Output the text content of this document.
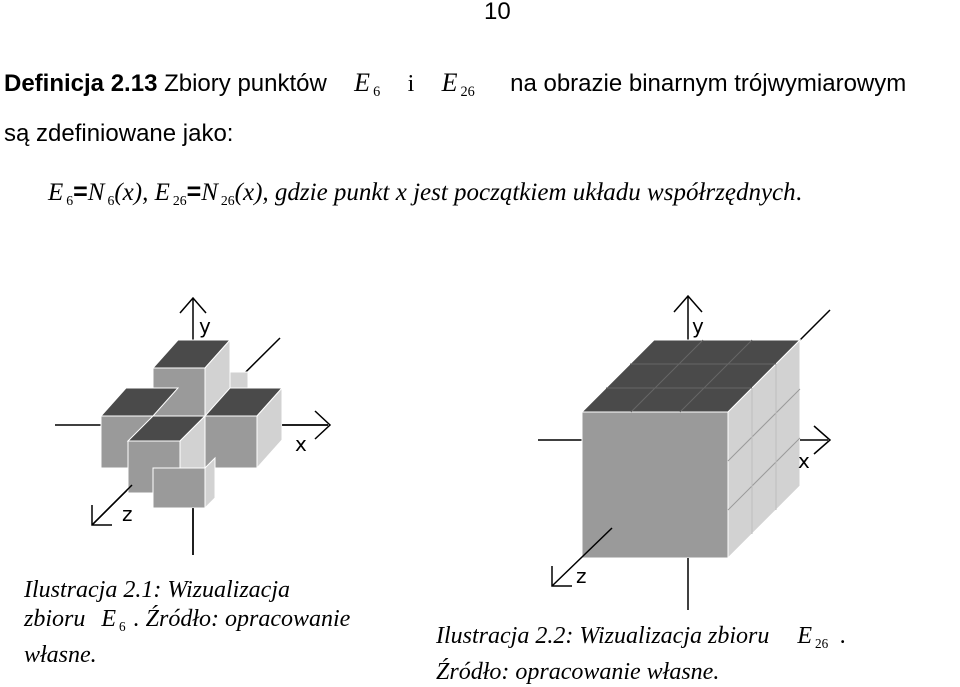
10
Definicja 2.13 Zbiory punktów E $_6$ i E $_{26}$ na obrazie binarnym trójwymiarowym
są zdefiniowane jako:
E $_6$=N $_6$(x), E $_{26}$=N $_{26}$(x), gdzie punkt x jest początkiem układu współrzędnych.
y
x
z
y
x
z
Ilustracja 2.1: Wizualizacja zbioru E $_6$ . Źródło: opracowanie własne.
Ilustracja 2.2: Wizualizacja zbioru E $_{26}$ .
Źródło: opracowanie własne.
